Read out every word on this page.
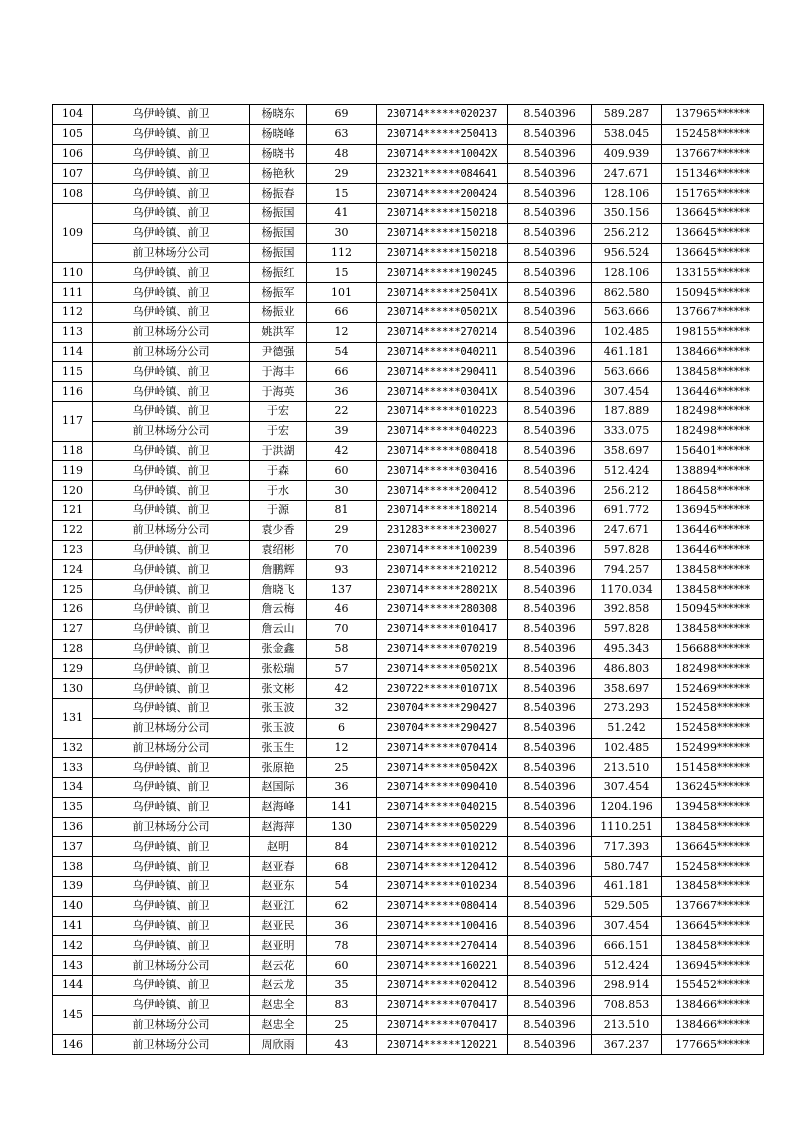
104	乌伊岭镇、前卫	杨晓东	69	230714******020237	8.540396	589.287	137965******
105	乌伊岭镇、前卫	杨晓峰	63	230714******250413	8.540396	538.045	152458******
106	乌伊岭镇、前卫	杨晓书	48	230714******10042X	8.540396	409.939	137667******
107	乌伊岭镇、前卫	杨艳秋	29	232321******084641	8.540396	247.671	151346******
108	乌伊岭镇、前卫	杨振春	15	230714******200424	8.540396	128.106	151765******
109	乌伊岭镇、前卫	杨振国	41	230714******150218	8.540396	350.156	136645******
	乌伊岭镇、前卫	杨振国	30	230714******150218	8.540396	256.212	136645******
	前卫林场分公司	杨振国	112	230714******150218	8.540396	956.524	136645******
110	乌伊岭镇、前卫	杨振红	15	230714******190245	8.540396	128.106	133155******
111	乌伊岭镇、前卫	杨振军	101	230714******25041X	8.540396	862.580	150945******
112	乌伊岭镇、前卫	杨振业	66	230714******05021X	8.540396	563.666	137667******
113	前卫林场分公司	姚洪军	12	230714******270214	8.540396	102.485	198155******
114	前卫林场分公司	尹德强	54	230714******040211	8.540396	461.181	138466******
115	乌伊岭镇、前卫	于海丰	66	230714******290411	8.540396	563.666	138458******
116	乌伊岭镇、前卫	于海英	36	230714******03041X	8.540396	307.454	136446******
117	乌伊岭镇、前卫	于宏	22	230714******010223	8.540396	187.889	182498******
	前卫林场分公司	于宏	39	230714******040223	8.540396	333.075	182498******
118	乌伊岭镇、前卫	于洪湖	42	230714******080418	8.540396	358.697	156401******
119	乌伊岭镇、前卫	于森	60	230714******030416	8.540396	512.424	138894******
120	乌伊岭镇、前卫	于水	30	230714******200412	8.540396	256.212	186458******
121	乌伊岭镇、前卫	于源	81	230714******180214	8.540396	691.772	136945******
122	前卫林场分公司	袁少香	29	231283******230027	8.540396	247.671	136446******
123	乌伊岭镇、前卫	袁绍彬	70	230714******100239	8.540396	597.828	136446******
124	乌伊岭镇、前卫	詹鹏辉	93	230714******210212	8.540396	794.257	138458******
125	乌伊岭镇、前卫	詹晓飞	137	230714******28021X	8.540396	1170.034	138458******
126	乌伊岭镇、前卫	詹云梅	46	230714******280308	8.540396	392.858	150945******
127	乌伊岭镇、前卫	詹云山	70	230714******010417	8.540396	597.828	138458******
128	乌伊岭镇、前卫	张金鑫	58	230714******070219	8.540396	495.343	156688******
129	乌伊岭镇、前卫	张松瑞	57	230714******05021X	8.540396	486.803	182498******
130	乌伊岭镇、前卫	张文彬	42	230722******01071X	8.540396	358.697	152469******
131	乌伊岭镇、前卫	张玉波	32	230704******290427	8.540396	273.293	152458******
	前卫林场分公司	张玉波	6	230704******290427	8.540396	51.242	152458******
132	前卫林场分公司	张玉生	12	230714******070414	8.540396	102.485	152499******
133	乌伊岭镇、前卫	张原艳	25	230714******05042X	8.540396	213.510	151458******
134	乌伊岭镇、前卫	赵国际	36	230714******090410	8.540396	307.454	136245******
135	乌伊岭镇、前卫	赵海峰	141	230714******040215	8.540396	1204.196	139458******
136	前卫林场分公司	赵海萍	130	230714******050229	8.540396	1110.251	138458******
137	乌伊岭镇、前卫	赵明	84	230714******010212	8.540396	717.393	136645******
138	乌伊岭镇、前卫	赵亚春	68	230714******120412	8.540396	580.747	152458******
139	乌伊岭镇、前卫	赵亚东	54	230714******010234	8.540396	461.181	138458******
140	乌伊岭镇、前卫	赵亚江	62	230714******080414	8.540396	529.505	137667******
141	乌伊岭镇、前卫	赵亚民	36	230714******100416	8.540396	307.454	136645******
142	乌伊岭镇、前卫	赵亚明	78	230714******270414	8.540396	666.151	138458******
143	前卫林场分公司	赵云花	60	230714******160221	8.540396	512.424	136945******
144	乌伊岭镇、前卫	赵云龙	35	230714******020412	8.540396	298.914	155452******
145	乌伊岭镇、前卫	赵忠全	83	230714******070417	8.540396	708.853	138466******
	前卫林场分公司	赵忠全	25	230714******070417	8.540396	213.510	138466******
146	前卫林场分公司	周欣雨	43	230714******120221	8.540396	367.237	177665******
